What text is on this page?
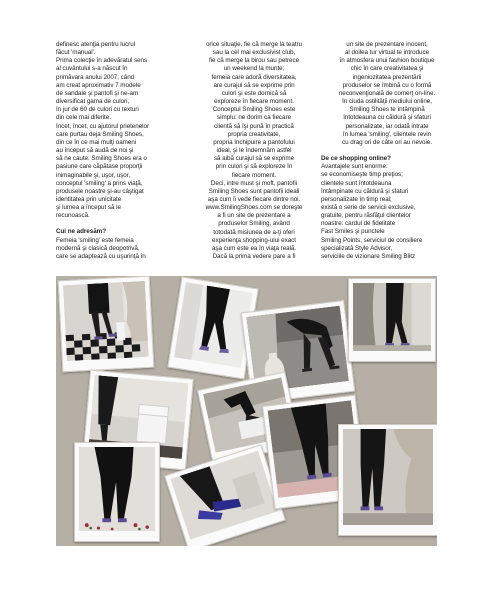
definesc atenţia pentru lucrul
făcut 'manual'.
Prima colecţie în adevăratul sens
al cuvântului s-a născut în
primăvara anului 2007, când
am creat aproximativ 7 modele
de sandale şi pantofi şi ne-am
diversificat gama de culori,
în jur de 60 de culori cu texturi
din cele mai diferite.
Încet, încet, cu ajutorul prietenelor
care purtau deja Smiling Shoes,
din ce în ce mai mulţi oameni
au început să audă de noi şi
să ne caute. Smiling Shoes era o
pasiune care căpătase proporţii
inimaginabile şi, uşor, uşor,
conceptul 'smiling' a prins viaţă,
produsele noastre şi-au câştigat
identitatea prin unicitate
şi lumea a început să le
recunoască.
Cui ne adresăm?
Femeia 'smiling' este femeia
modernă şi clasică deopotrivă,
care se adaptează cu uşurinţă în
orice situaţie, fie că merge la teatru
sau la cel mai exclusivist club,
fie că merge la birou sau petrece
un weekend la munte;
femeia care adoră diversitatea,
are curajul să se exprime prin
culori şi este dornică să
exploreze în fiecare moment.
Conceptul Smiling Shoes este
simplu: ne dorim ca fiecare
clientă să îşi pună în practică
propria creativitate,
propria închipuire a pantofului
ideal, şi le îndemnăm astfel
să aibă curajul să se exprime
prin culori şi să exploreze în
fiecare moment.
Deci, intre must şi moft, pantofii
Smiling Shoes sunt pantofii ideali
aşa cum îi vede fiecare dintre noi.
www.SmilingShoes.com se doreşte
a fi un site de prezentare a
produselor Smiling, având
totodată misiunea de a-ţi oferi
experienţa shopping-ului exact
aşa cum este ea în viaţa reală.
Dacă la prima vedere pare a fi
un site de prezentare inocent,
al doilea tur virtual te introduce
în atmosfera unui fashion boutique
chic în care creativitatea şi
ingeniozitatea prezentării
produselor se îmbină cu o formă
neconvenţională de comerţ on-line.
În ciuda ostilităţii mediului online,
Smiling Shoes te întâmpină
întotdeauna cu căldură şi sfaturi
personalizate, iar odată intrate
în lumea 'smiling', clientele revin
cu drag ori de câte ori au nevoie.
De ce shopping online?
Avantajele sunt enorme:
se economiseşte timp preţios;
clientele sunt întotdeauna
întâmpinate cu căldură şi sfaturi
personalizate în timp real;
există o serie de servicii exclusive,
gratuite, pentru răsfăţul clientelor
noastre: cardul de fidelitate
Fast Smiles şi punctele
Smiling Points, serviciul de consiliere
specializată Style Advisor,
serviciile de vizionare Smiling Blitz
